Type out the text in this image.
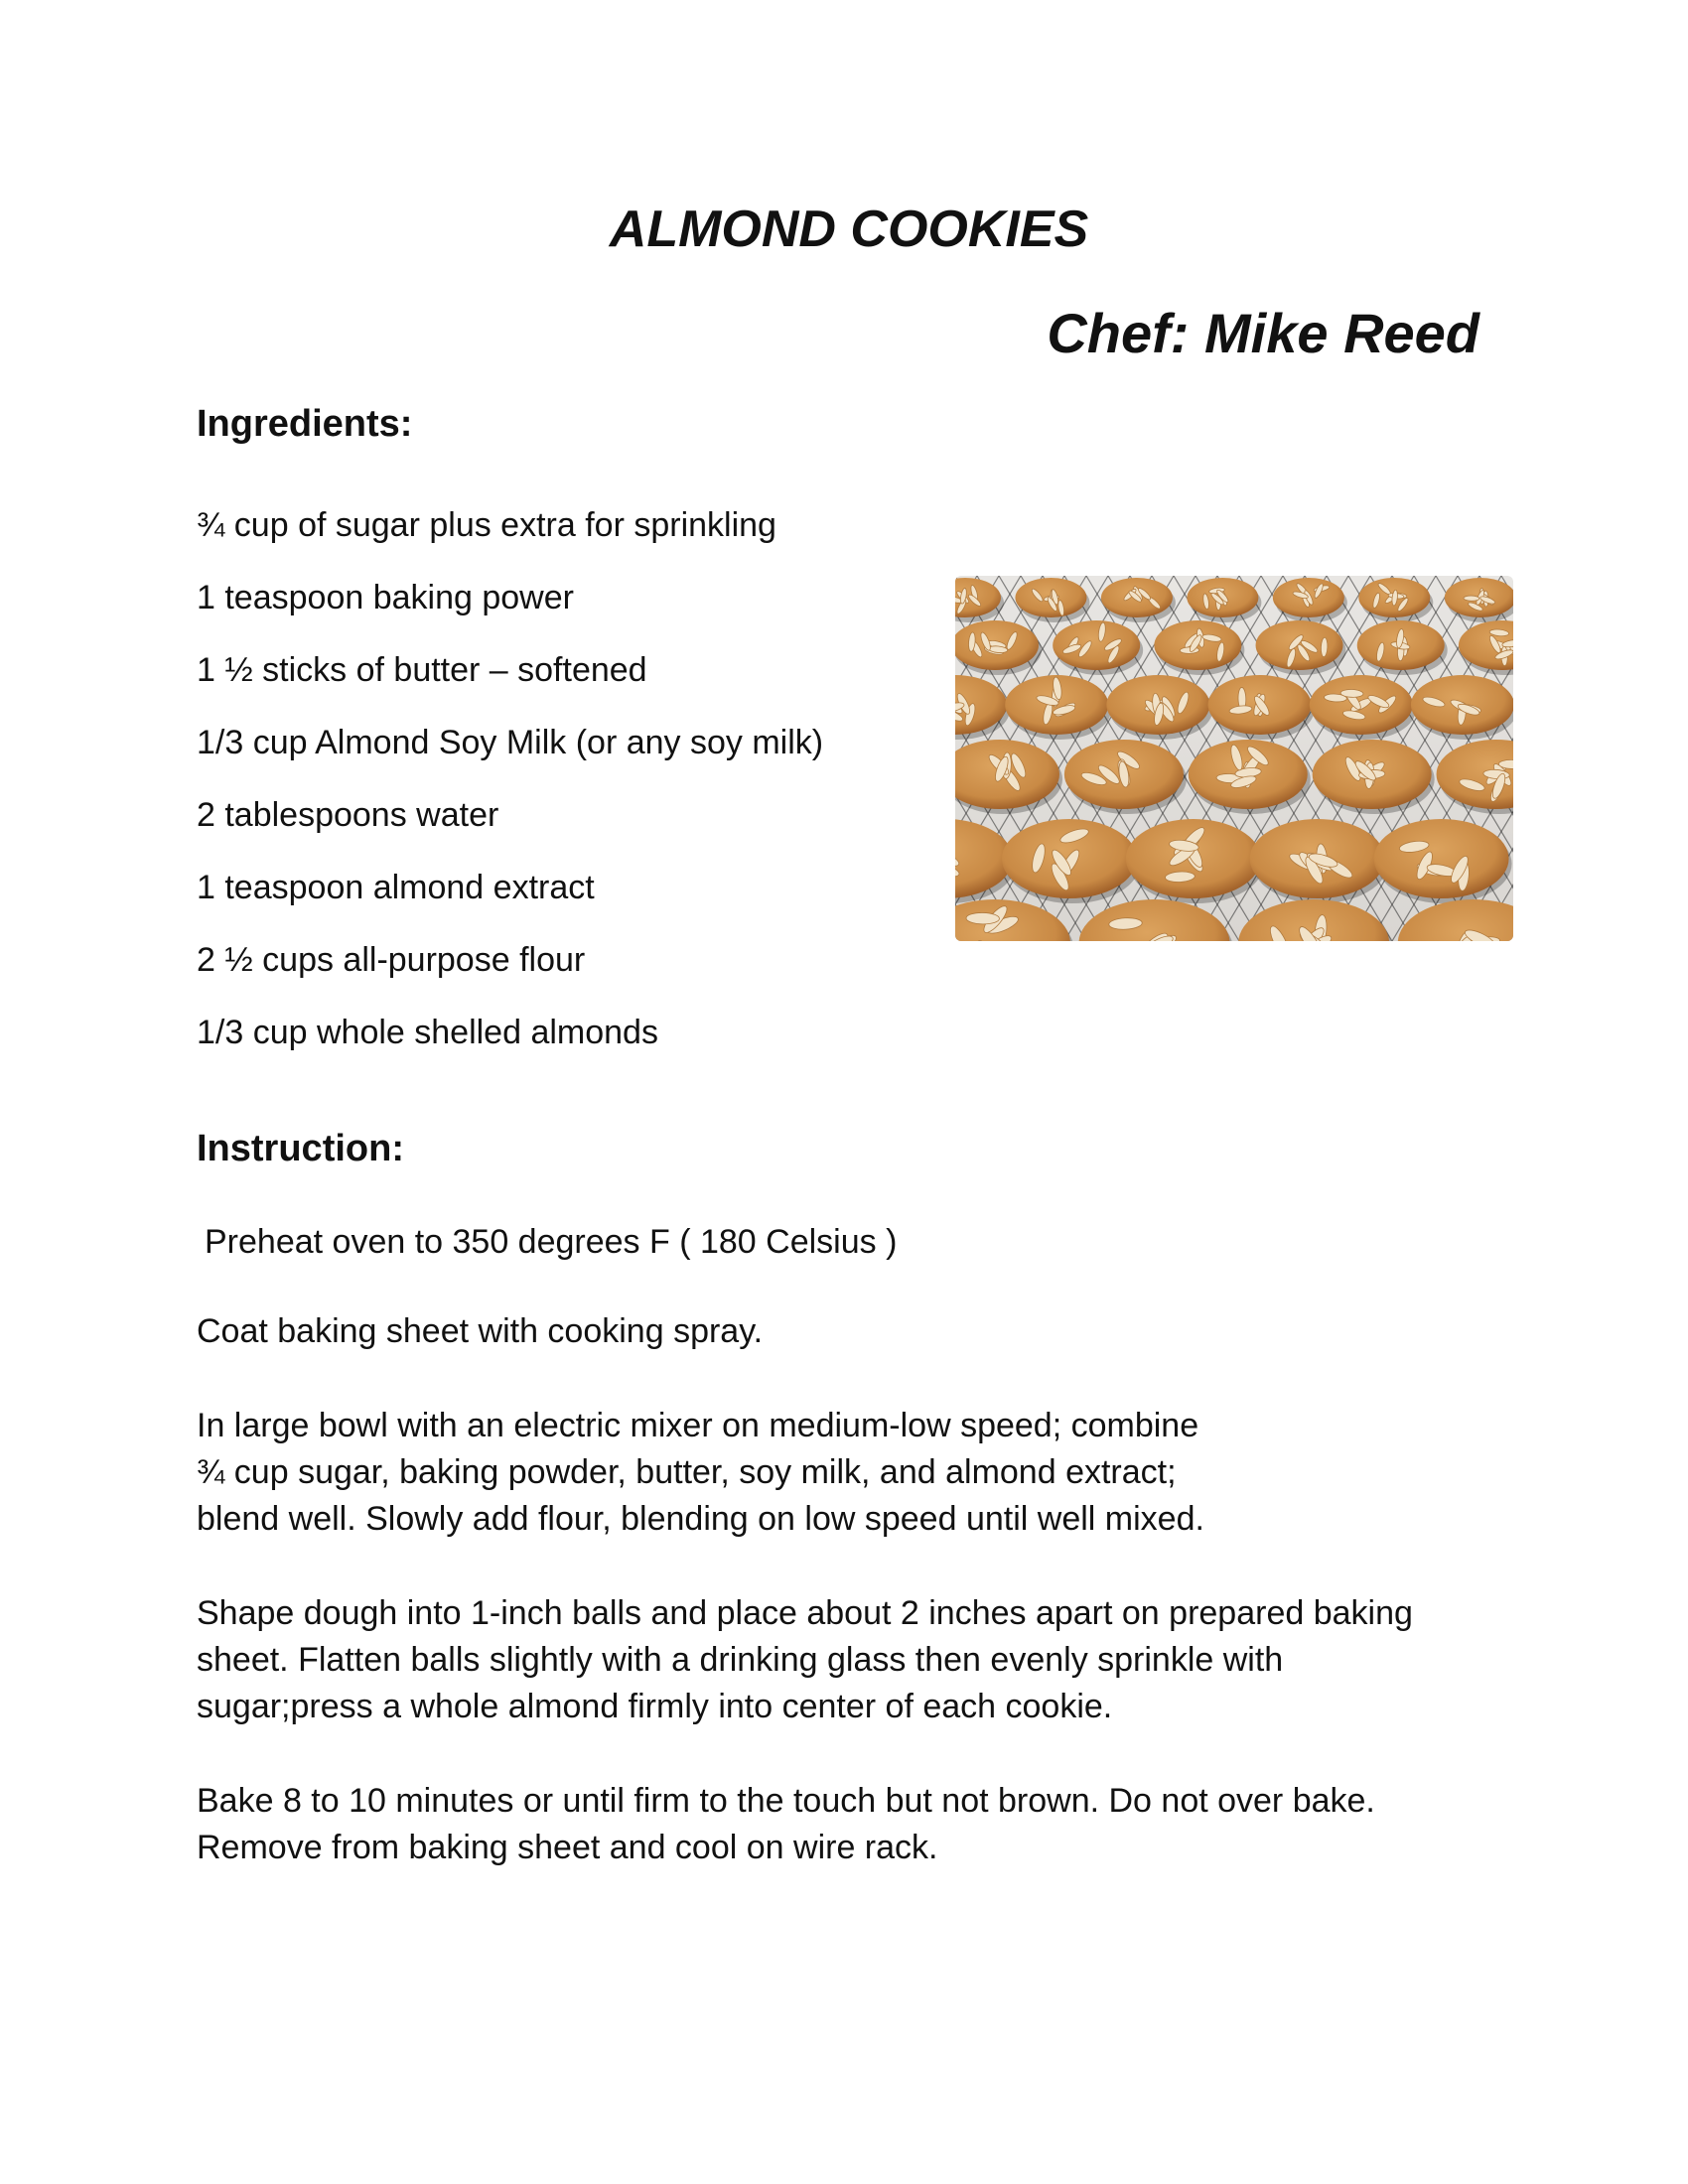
ALMOND COOKIES
Chef: Mike Reed
Ingredients:
¾ cup of sugar plus extra for sprinkling
1 teaspoon baking power
1 ½ sticks of butter – softened
1/3 cup Almond Soy Milk (or any soy milk)
2 tablespoons water
1 teaspoon almond extract
2 ½ cups all-purpose flour
1/3 cup whole shelled almonds
Instruction:

Preheat oven to 350 degrees F ( 180 Celsius )

Coat baking sheet with cooking spray.

In large bowl with an electric mixer on medium-low speed; combine
¾ cup sugar, baking powder, butter, soy milk, and almond extract;
blend well. Slowly add flour, blending on low speed until well mixed.

Shape dough into 1-inch balls and place about 2 inches apart on prepared baking
sheet. Flatten balls slightly with a drinking glass then evenly sprinkle with
sugar;press a whole almond firmly into center of each cookie.

Bake 8 to 10 minutes or until firm to the touch but not brown. Do not over bake.
Remove from baking sheet and cool on wire rack.
